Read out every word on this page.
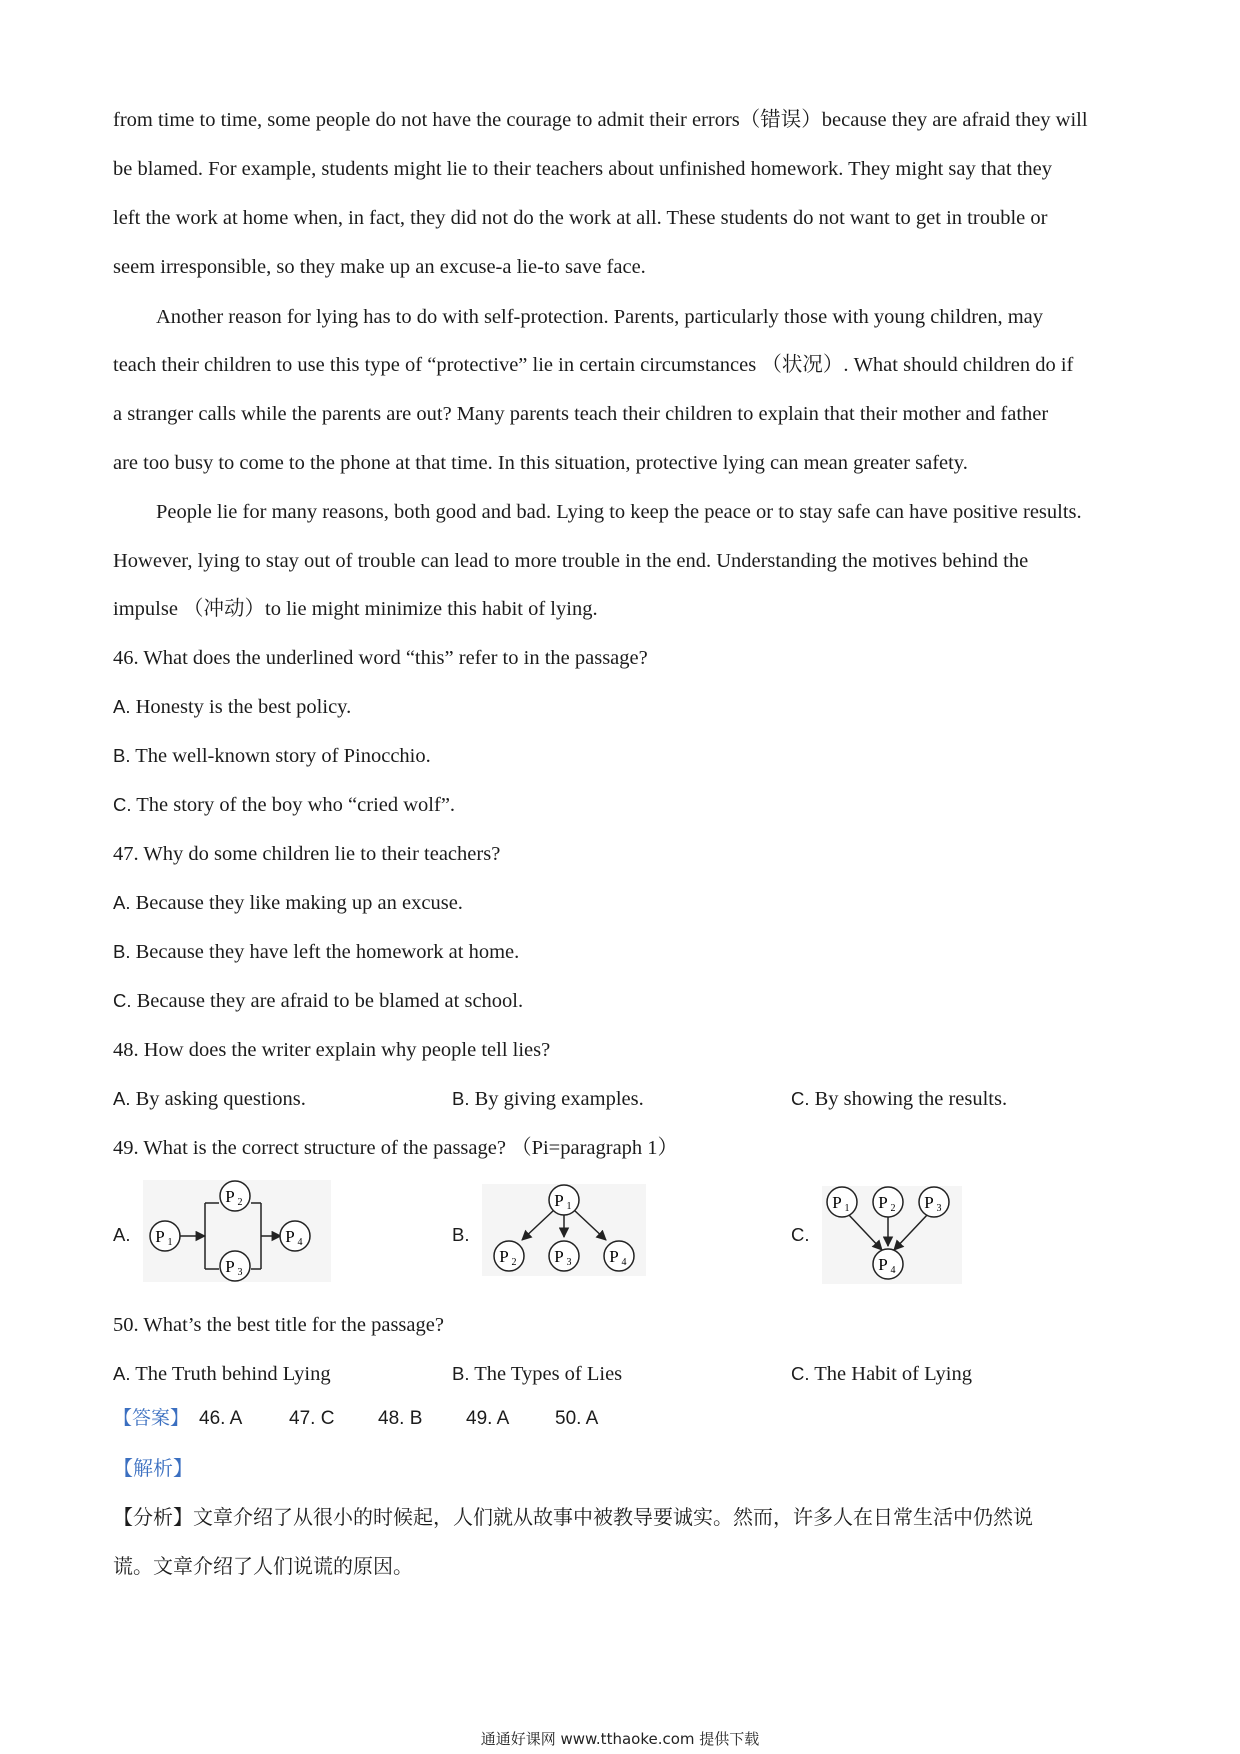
from time to time, some people do not have the courage to admit their errors（错误）because they are afraid they will
be blamed. For example, students might lie to their teachers about unfinished homework. They might say that they
left the work at home when, in fact, they did not do the work at all. These students do not want to get in trouble or
seem irresponsible, so they make up an excuse-a lie-to save face.
Another reason for lying has to do with self-protection. Parents, particularly those with young children, may
teach their children to use this type of “protective” lie in certain circumstances （状况）. What should children do if
a stranger calls while the parents are out? Many parents teach their children to explain that their mother and father
are too busy to come to the phone at that time. In this situation, protective lying can mean greater safety.
People lie for many reasons, both good and bad. Lying to keep the peace or to stay safe can have positive results.
However, lying to stay out of trouble can lead to more trouble in the end. Understanding the motives behind the
impulse （冲动）to lie might minimize this habit of lying.
46. What does the underlined word “this” refer to in the passage?
A. Honesty is the best policy.
B. The well-known story of Pinocchio.
C. The story of the boy who “cried wolf”.
47. Why do some children lie to their teachers?
A. Because they like making up an excuse.
B. Because they have left the homework at home.
C. Because they are afraid to be blamed at school.
48. How does the writer explain why people tell lies?
A. By asking questions.	B. By giving examples.	C. By showing the results.
49. What is the correct structure of the passage? （Pi=paragraph 1）
A. P 1
P 2
P 3
P 4	B.
P 1
P 2 P 3 P 4
C.
P 1 P 2 P 3
P 4
50. What’s the best title for the passage?
A. The Truth behind Lying	B. The Types of Lies	C. The Habit of Lying
【答案】 46. A 47. C 48. B 49. A 50. A
【解析】
【分析】文章介绍了从很小的时候起，人们就从故事中被教导要诚实。然而，许多人在日常生活中仍然说
谎。文章介绍了人们说谎的原因。
通通好课网 www.tthaoke.com 提供下载
